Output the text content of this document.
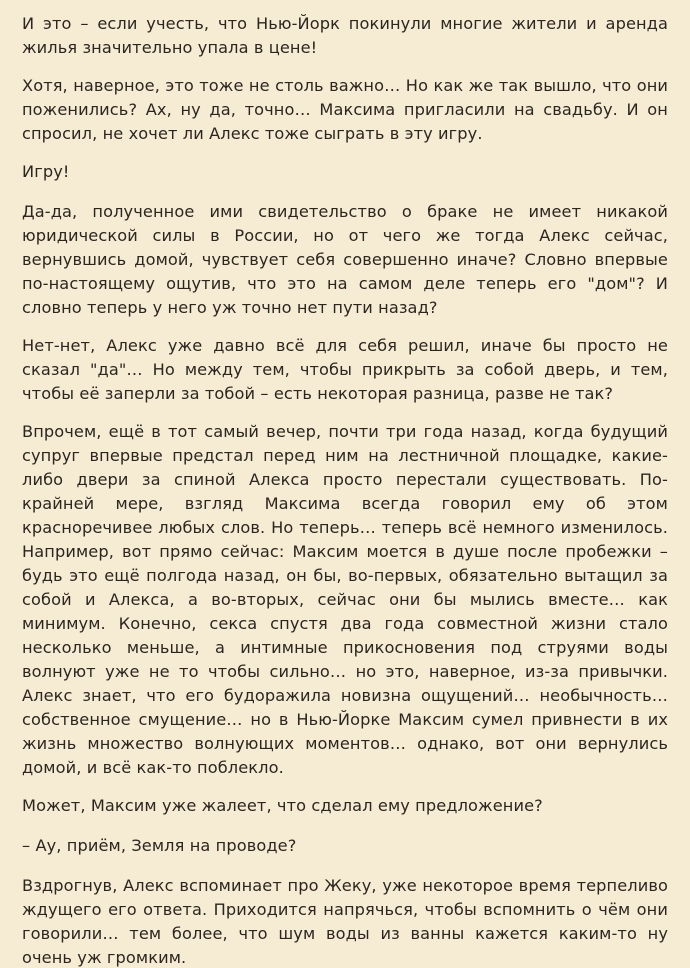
И это – если учесть, что Нью-Йорк покинули многие жители и аренда жилья значительно упала в цене!

Хотя, наверное, это тоже не столь важно… Но как же так вышло, что они поженились? Ах, ну да, точно… Максима пригласили на свадьбу. И он спросил, не хочет ли Алекс тоже сыграть в эту игру.

Игру!

Да-да, полученное ими свидетельство о браке не имеет никакой юридической силы в России, но от чего же тогда Алекс сейчас, вернувшись домой, чувствует себя совершенно иначе? Словно впервые по-настоящему ощутив, что это на самом деле теперь его "дом"? И словно теперь у него уж точно нет пути назад?

Нет-нет, Алекс уже давно всё для себя решил, иначе бы просто не сказал "да"… Но между тем, чтобы прикрыть за собой дверь, и тем, чтобы её заперли за тобой – есть некоторая разница, разве не так?

Впрочем, ещё в тот самый вечер, почти три года назад, когда будущий супруг впервые предстал перед ним на лестничной площадке, какие-либо двери за спиной Алекса просто перестали существовать. По-крайней мере, взгляд Максима всегда говорил ему об этом красноречивее любых слов. Но теперь… теперь всё немного изменилось. Например, вот прямо сейчас: Максим моется в душе после пробежки – будь это ещё полгода назад, он бы, во-первых, обязательно вытащил за собой и Алекса, а во-вторых, сейчас они бы мылись вместе… как минимум. Конечно, секса спустя два года совместной жизни стало несколько меньше, а интимные прикосновения под струями воды волнуют уже не то чтобы сильно… но это, наверное, из-за привычки. Алекс знает, что его будоражила новизна ощущений… необычность… собственное смущение… но в Нью-Йорке Максим сумел привнести в их жизнь множество волнующих моментов… однако, вот они вернулись домой, и всё как-то поблекло.

Может, Максим уже жалеет, что сделал ему предложение?

– Ау, приём, Земля на проводе?

Вздрогнув, Алекс вспоминает про Жеку, уже некоторое время терпеливо ждущего его ответа. Приходится напрячься, чтобы вспомнить о чём они говорили… тем более, что шум воды из ванны кажется каким-то ну очень уж громким.
